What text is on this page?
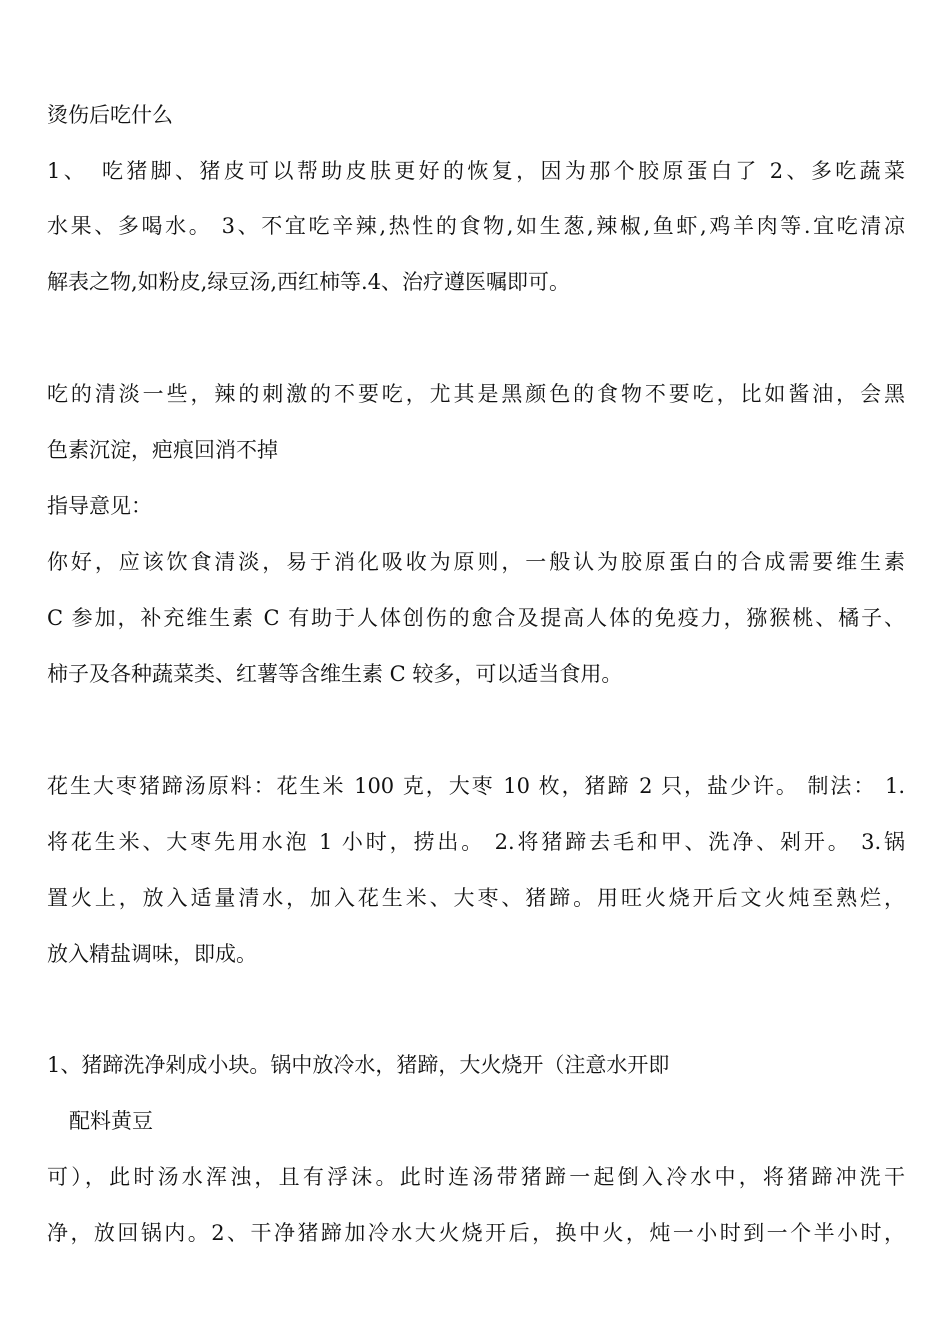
烫伤后吃什么
1、　吃猪脚、猪皮可以帮助皮肤更好的恢复，因为那个胶原蛋白了 2、多吃蔬菜
水果、多喝水。 3、不宜吃辛辣,热性的食物,如生葱,辣椒,鱼虾,鸡羊肉等.宜吃清凉
解表之物,如粉皮,绿豆汤,西红柿等.4、治疗遵医嘱即可。
吃的清淡一些，辣的刺激的不要吃，尤其是黑颜色的食物不要吃，比如酱油，会黑
色素沉淀，疤痕回消不掉
指导意见：
你好，应该饮食清淡，易于消化吸收为原则，一般认为胶原蛋白的合成需要维生素
C 参加，补充维生素 C 有助于人体创伤的愈合及提高人体的免疫力，猕猴桃、橘子、
柿子及各种蔬菜类、红薯等含维生素 C 较多，可以适当食用。
花生大枣猪蹄汤原料：花生米 100 克，大枣 10 枚，猪蹄 2 只，盐少许。 制法： 1.
将花生米、大枣先用水泡 1 小时，捞出。 2.将猪蹄去毛和甲、洗净、剁开。 3.锅
置火上，放入适量清水，加入花生米、大枣、猪蹄。用旺火烧开后文火炖至熟烂，
放入精盐调味，即成。
1、猪蹄洗净剁成小块。锅中放冷水，猪蹄，大火烧开（注意水开即
配料黄豆
可），此时汤水浑浊，且有浮沫。此时连汤带猪蹄一起倒入冷水中，将猪蹄冲洗干
净，放回锅内。2、干净猪蹄加冷水大火烧开后，换中火，炖一小时到一个半小时，
